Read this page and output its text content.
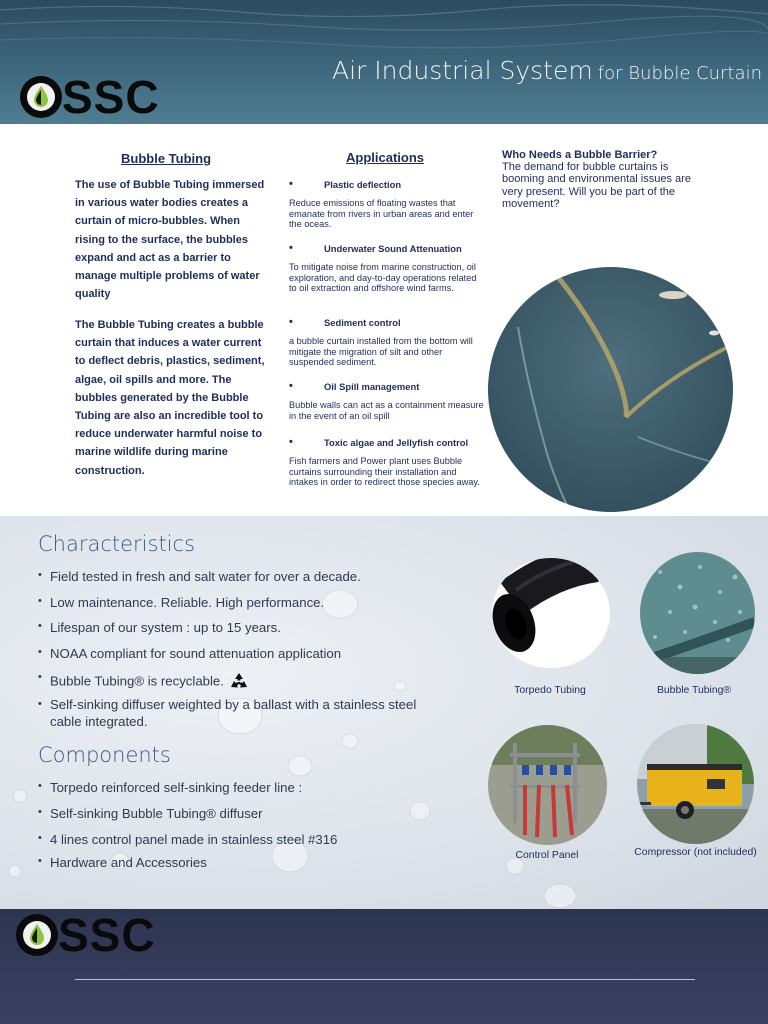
SSC
Air Industrial System for Bubble Curtain
Bubble Tubing
The use of Bubble Tubing immersed in various water bodies creates a curtain of micro-bubbles. When rising to the surface, the bubbles expand and act as a barrier to manage multiple problems of water quality
The Bubble Tubing creates a bubble curtain that induces a water current to deflect debris, plastics, sediment, algae, oil spills and more. The bubbles generated by the Bubble Tubing are also an incredible tool to reduce underwater harmful noise to marine wildlife during marine construction.
Applications
•	Plastic deflection
Reduce emissions of floating wastes that emanate from rivers in urban areas and enter the oceas.
•	Underwater Sound Attenuation
To mitigate noise from marine construction, oil exploration, and day-to-day operations related to oil extraction and offshore wind farms.
•	Sediment control
a bubble curtain installed from the bottom will mitigate the migration of silt and other suspended sediment.
•	Oil Spill management
Bubble walls can act as a containment measure in the event of an oil spill
•	Toxic algae and Jellyfish control
Fish farmers and Power plant uses Bubble curtains surrounding their installation and intakes in order to redirect those species away.
Who Needs a Bubble Barrier?
The demand for bubble curtains is booming and environmental issues are very present. Will you be part of the movement?
Characteristics
• Field tested in fresh and salt water for over a decade.
• Low maintenance. Reliable. High performance.
• Lifespan of our system : up to 15 years.
• NOAA compliant for sound attenuation application
• Bubble Tubing® is recyclable.
• Self-sinking diffuser weighted by a ballast with a stainless steel cable integrated.
Components
• Torpedo reinforced self-sinking feeder line :
• Self-sinking Bubble Tubing® diffuser
• 4 lines control panel made in stainless steel #316
• Hardware and Accessories
Torpedo Tubing	Bubble Tubing®
Control Panel	Compressor (not included)
SSC
